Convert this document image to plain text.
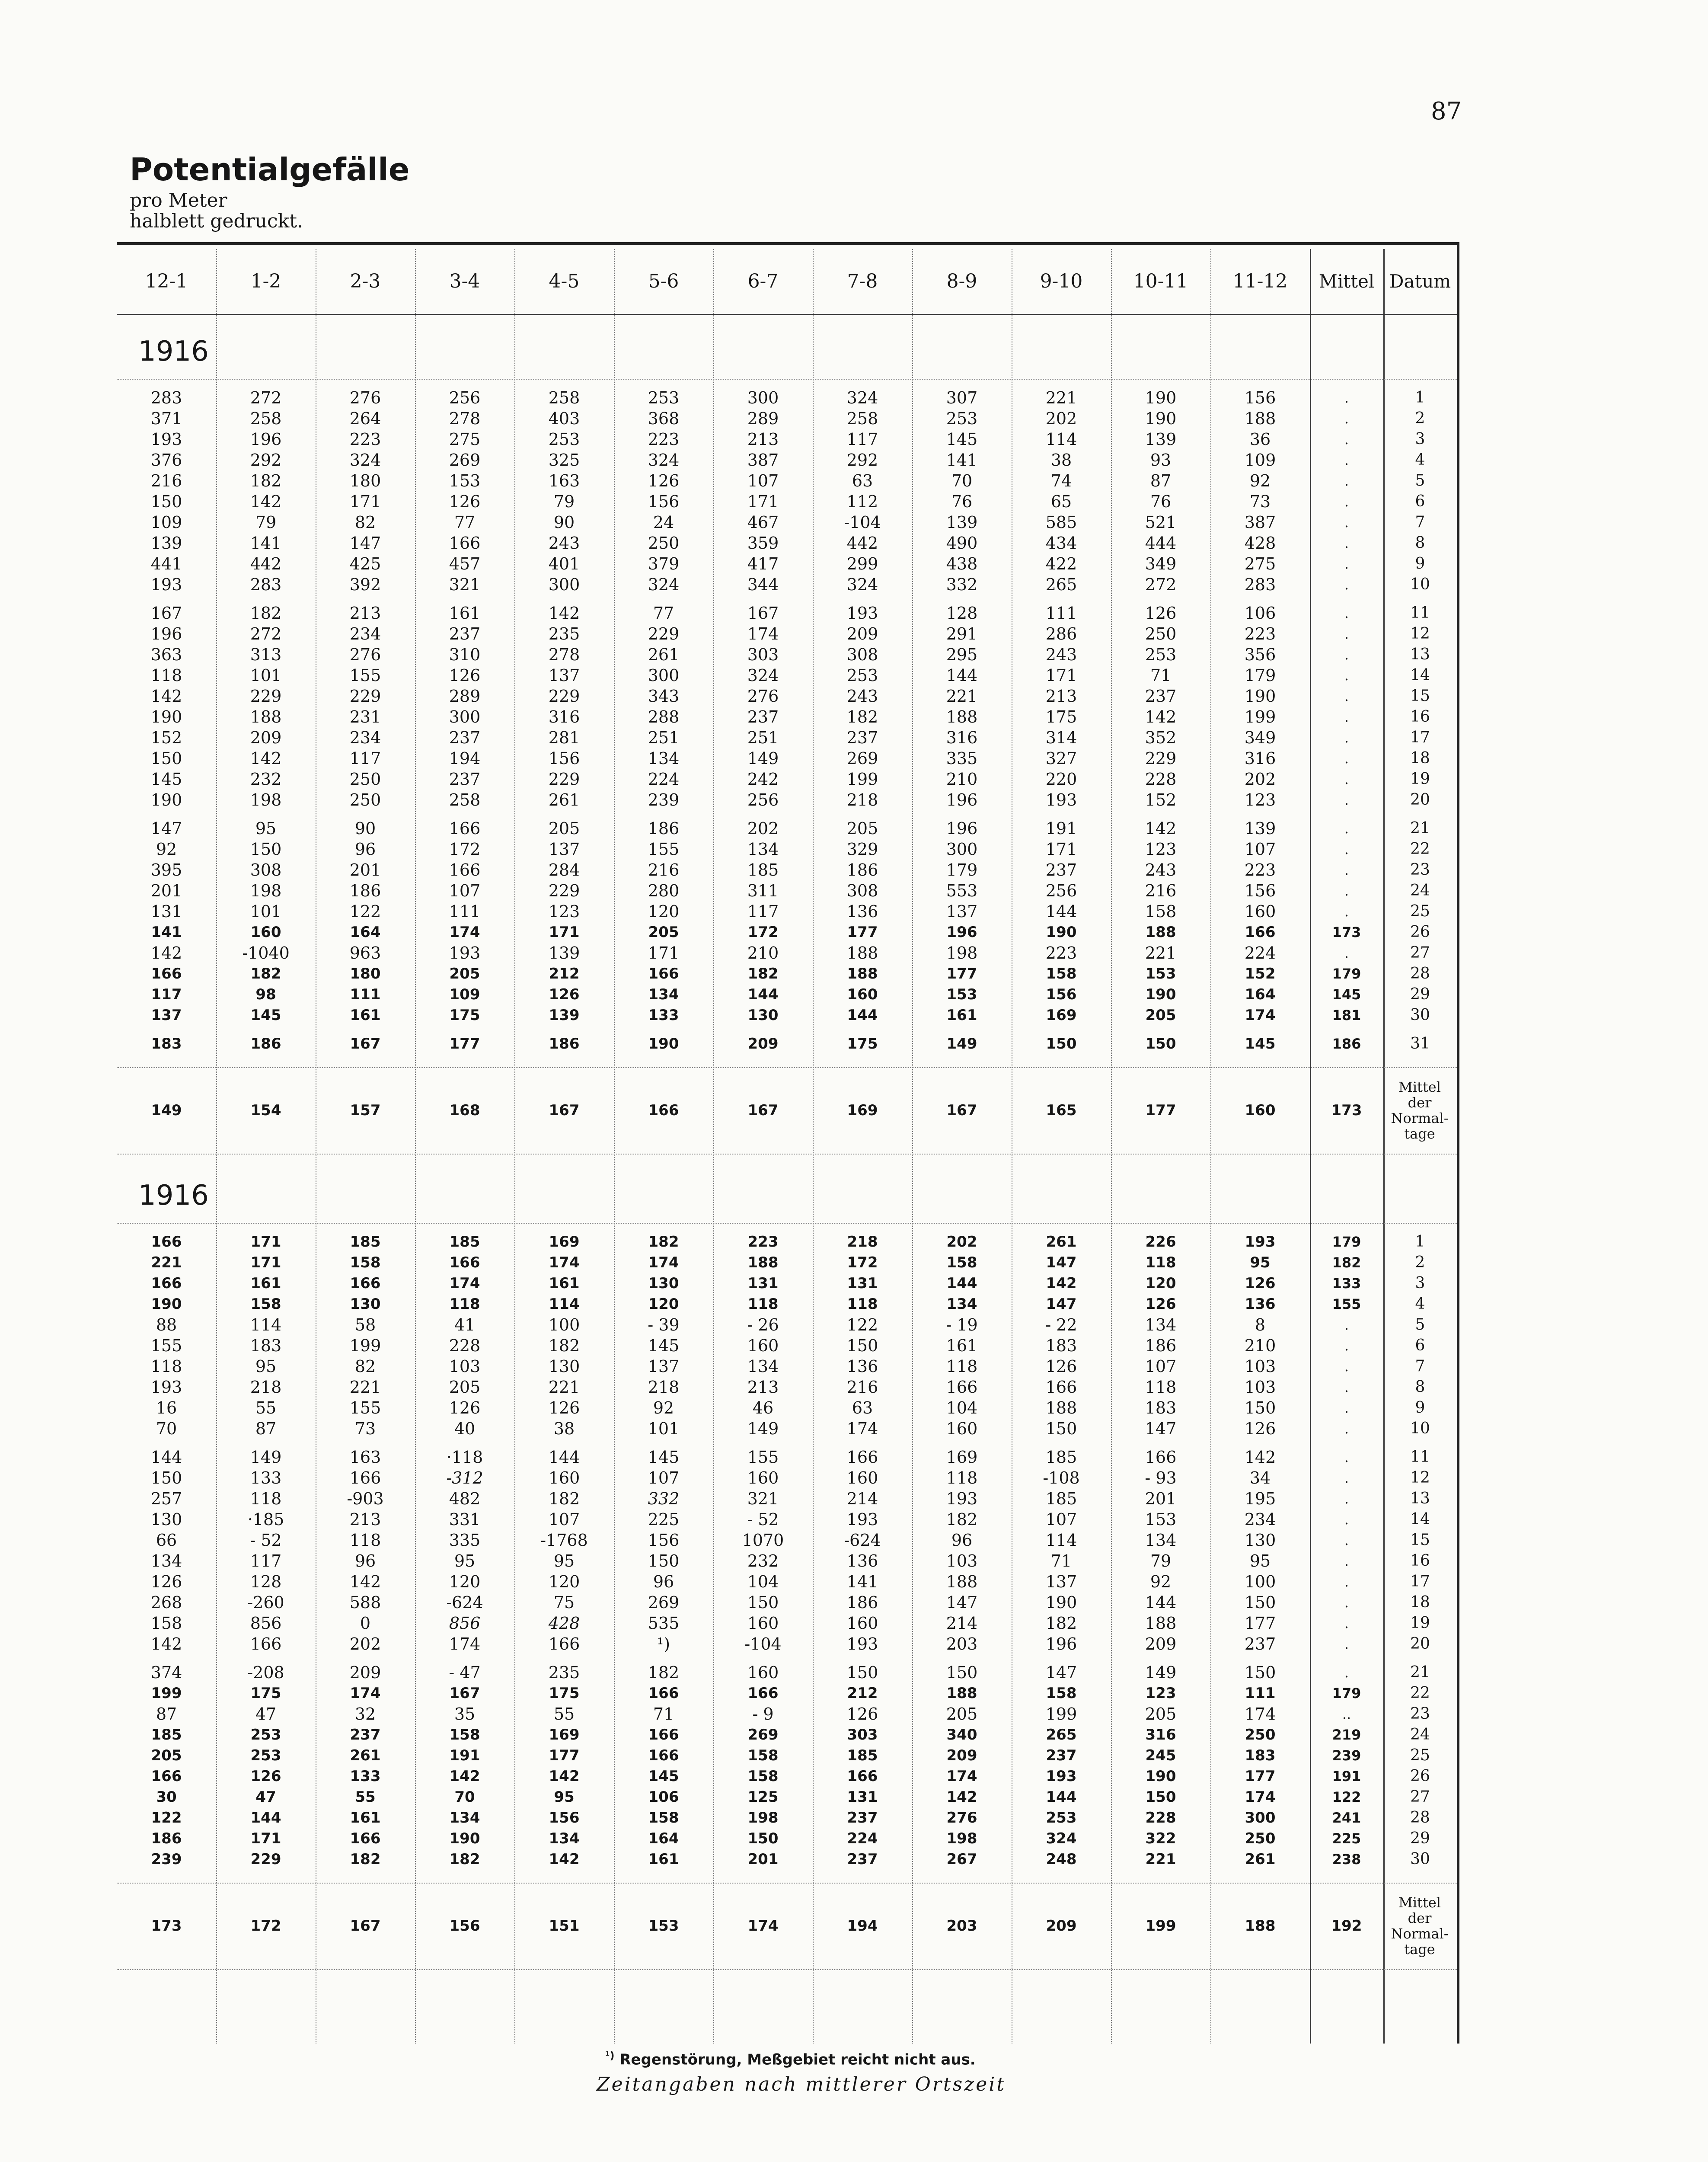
87
Potentialgefälle
pro Meter
halblett gedruckt.
12-1	1-2	2-3	3-4	4-5	5-6	6-7	7-8	8-9	9-10	10-11	11-12	Mittel Datum
1916
283	272	276	256	258	253	300	324	307	221	190	156	.	1
371	258	264	278	403	368	289	258	253	202	190	188	.	2
193	196	223	275	253	223	213	117	145	114	139	36	.	3
376	292	324	269	325	324	387	292	141	38	93	109	.	4
216	182	180	153	163	126	107	63	70	74	87	92	.	5
150	142	171	126	79	156	171	112	76	65	76	73	.	6
109	79	82	77	90	24	467	-104	139	585	521	387	.	7
139	141	147	166	243	250	359	442	490	434	444	428	.	8
441	442	425	457	401	379	417	299	438	422	349	275	.	9
193	283	392	321	300	324	344	324	332	265	272	283	.	10
167	182	213	161	142	77	167	193	128	111	126	106	.	11
196	272	234	237	235	229	174	209	291	286	250	223	.	12
363	313	276	310	278	261	303	308	295	243	253	356	.	13
118	101	155	126	137	300	324	253	144	171	71	179	.	14
142	229	229	289	229	343	276	243	221	213	237	190	.	15
190	188	231	300	316	288	237	182	188	175	142	199	.	16
152	209	234	237	281	251	251	237	316	314	352	349	.	17
150	142	117	194	156	134	149	269	335	327	229	316	.	18
145	232	250	237	229	224	242	199	210	220	228	202	.	19
190	198	250	258	261	239	256	218	196	193	152	123	.	20
147	95	90	166	205	186	202	205	196	191	142	139	.	21
92	150	96	172	137	155	134	329	300	171	123	107	.	22
395	308	201	166	284	216	185	186	179	237	243	223	.	23
201	198	186	107	229	280	311	308	553	256	216	156	.	24
131	101	122	111	123	120	117	136	137	144	158	160	.	25
141	160	164	174	171	205	172	177	196	190	188	166	173	26
142	-1040	963	193	139	171	210	188	198	223	221	224	.	27
166	182	180	205	212	166	182	188	177	158	153	152	179	28
117	98	111	109	126	134	144	160	153	156	190	164	145	29
137	145	161	175	139	133	130	144	161	169	205	174	181	30
183	186	167	177	186	190	209	175	149	150	150	145	186	31
149	154	157	168	167	166	167	169	167	165	177	160	173
Mittel
der
Normal-
tage
1916
166	171	185	185	169	182	223	218	202	261	226	193	179	1
221	171	158	166	174	174	188	172	158	147	118	95	182	2
166	161	166	174	161	130	131	131	144	142	120	126	133	3
190	158	130	118	114	120	118	118	134	147	126	136	155	4
88	114	58	41	100	- 39	- 26	122	- 19	- 22	134	8	.	5
155	183	199	228	182	145	160	150	161	183	186	210	.	6
118	95	82	103	130	137	134	136	118	126	107	103	.	7
193	218	221	205	221	218	213	216	166	166	118	103	.	8
16	55	155	126	126	92	46	63	104	188	183	150	.	9
70	87	73	40	38	101	149	174	160	150	147	126	.	10
144	149	163	·118	144	145	155	166	169	185	166	142	.	11
150	133	166	-312	160	107	160	160	118	-108	- 93	34	.	12
257	118	-903	482	182	332	321	214	193	185	201	195	.	13
130	·185	213	331	107	225	- 52	193	182	107	153	234	.	14
66	- 52	118	335	-1768	156	1070	-624	96	114	134	130	.	15
134	117	96	95	95	150	232	136	103	71	79	95	.	16
126	128	142	120	120	96	104	141	188	137	92	100	.	17
268	-260	588	-624	75	269	150	186	147	190	144	150	.	18
158	856	0	856	428	535	160	160	214	182	188	177	.	19
142	166	202	174	166	¹)	-104	193	203	196	209	237	.	20
374	-208	209	- 47	235	182	160	150	150	147	149	150	.	21
199	175	174	167	175	166	166	212	188	158	123	111	179	22
87	47	32	35	55	71	- 9	126	205	199	205	174	..	23
185	253	237	158	169	166	269	303	340	265	316	250	219	24
205	253	261	191	177	166	158	185	209	237	245	183	239	25
166	126	133	142	142	145	158	166	174	193	190	177	191	26
30	47	55	70	95	106	125	131	142	144	150	174	122	27
122	144	161	134	156	158	198	237	276	253	228	300	241	28
186	171	166	190	134	164	150	224	198	324	322	250	225	29
239	229	182	182	142	161	201	237	267	248	221	261	238	30
173	172	167	156	151	153	174	194	203	209	199	188	192
Mittel
der
Normal-
tage
$^{^1)}$ Regenstörung, Meßgebiet reicht nicht aus.
Zeitangaben nach mittlerer Ortszeit
